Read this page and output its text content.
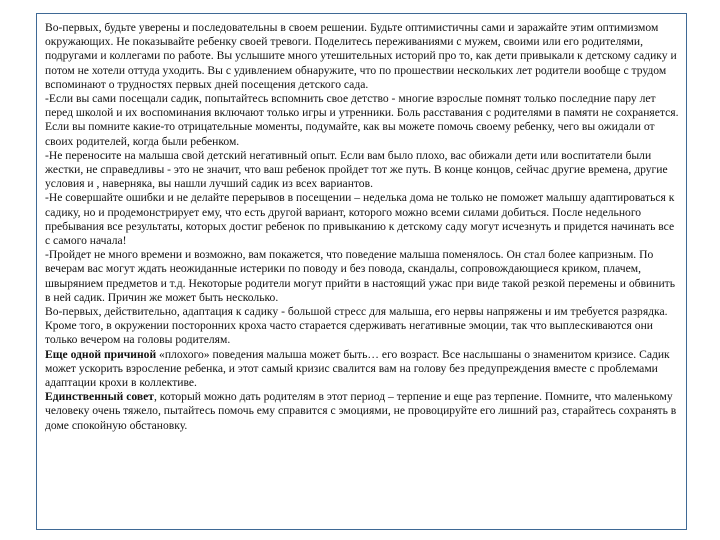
Во-первых, будьте уверены и последовательны в своем решении. Будьте оптимистичны сами и заражайте этим оптимизмом окружающих. Не показывайте ребенку своей тревоги. Поделитесь переживаниями с мужем, своими или его родителями, подругами и коллегами по работе. Вы услышите много утешительных историй про то, как дети привыкали к детскому садику и потом не хотели оттуда уходить. Вы с удивлением обнаружите, что по прошествии нескольких лет родители вообще с трудом вспоминают о трудностях первых дней посещения детского сада.

-Если вы сами посещали садик, попытайтесь вспомнить свое детство - многие взрослые помнят только последние пару лет перед школой и их воспоминания включают только игры и утренники. Боль расставания с родителями в памяти не сохраняется. Если вы помните какие-то отрицательные моменты, подумайте, как вы можете помочь своему ребенку, чего вы ожидали от своих родителей, когда были ребенком.

-Не переносите на малыша свой детский негативный опыт. Если вам было плохо, вас обижали дети или воспитатели были жестки, не справедливы - это не значит, что ваш ребенок пройдет тот же путь. В конце концов, сейчас другие времена, другие условия и , наверняка, вы нашли лучший садик из всех вариантов.

-Не совершайте ошибки и не делайте перерывов в посещении – неделька дома не только не поможет малышу адаптироваться к садику, но и продемонстрирует ему, что есть другой вариант, которого можно всеми силами добиться. После недельного пребывания все результаты, которых достиг ребенок по привыканию к детскому саду могут исчезнуть и придется начинать все с самого начала!

-Пройдет не много времени и возможно, вам покажется, что поведение малыша поменялось. Он стал более капризным. По вечерам вас могут ждать неожиданные истерики по поводу и без повода, скандалы, сопровождающиеся криком, плачем, швырянием предметов и т.д. Некоторые родители могут прийти в настоящий ужас при виде такой резкой перемены и обвинить в ней садик. Причин же может быть несколько.

Во-первых, действительно, адаптация к садику - большой стресс для малыша, его нервы напряжены и им требуется разрядка. Кроме того, в окружении посторонних кроха часто старается сдерживать негативные эмоции, так что выплескиваются они только вечером на головы родителям.

Еще одной причиной «плохого» поведения малыша может быть… его возраст. Все наслышаны о знаменитом кризисе. Садик может ускорить взросление ребенка, и этот самый кризис свалится вам на голову без предупреждения вместе с проблемами адаптации крохи в коллективе.

Единственный совет, который можно дать родителям в этот период – терпение и еще раз терпение. Помните, что маленькому человеку очень тяжело, пытайтесь помочь ему справится с эмоциями, не провоцируйте его лишний раз, старайтесь сохранять в доме спокойную обстановку.
